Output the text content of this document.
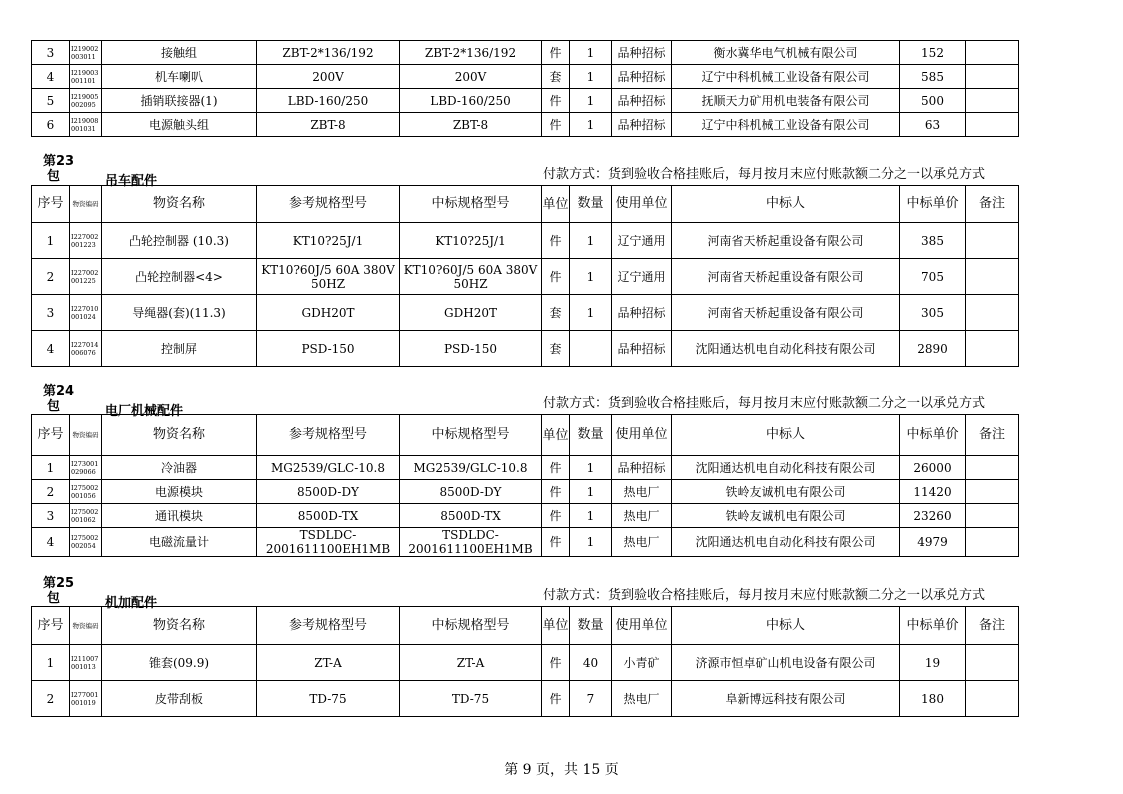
3	I219002003011	接触组	ZBT-2*136/192	ZBT-2*136/192	件	1	品种招标	衡水冀华电气机械有限公司	152	
4	I219003001101	机车喇叭	200V	200V	套	1	品种招标	辽宁中科机械工业设备有限公司	585	
5	I219005002095	插销联接器(1)	LBD-160/250	LBD-160/250	件	1	品种招标	抚顺天力矿用机电装备有限公司	500	
6	I219008001031	电源触头组	ZBT-8	ZBT-8	件	1	品种招标	辽宁中科机械工业设备有限公司	63	
第23
包	吊车配件	付款方式：货到验收合格挂账后，每月按月末应付账款额二分之一以承兑方式
序号	物资编码	物资名称	参考规格型号	中标规格型号	单位	数量	使用单位	中标人	中标单价	备注
1	I227002001223	凸轮控制器 (10.3)	KT10?25J/1	KT10?25J/1	件	1	辽宁通用	河南省天桥起重设备有限公司	385	
2	I227002001225	凸轮控制器<4>	KT10?60J/5 60A 380V 50HZ	KT10?60J/5 60A 380V 50HZ	件	1	辽宁通用	河南省天桥起重设备有限公司	705	
3	I227010001024	导绳器(套)(11.3)	GDH20T	GDH20T	套	1	品种招标	河南省天桥起重设备有限公司	305	
4	I227014006076	控制屏	PSD-150	PSD-150	套		品种招标	沈阳通达机电自动化科技有限公司	2890	
第24
包	电厂机械配件
付款方式：货到验收合格挂账后，每月按月末应付账款额二分之一以承兑方式
序号	物资编码	物资名称	参考规格型号	中标规格型号	单位	数量	使用单位	中标人	中标单价	备注
1	I273001029066	冷油器	MG2539/GLC-10.8	MG2539/GLC-10.8	件	1	品种招标	沈阳通达机电自动化科技有限公司	26000	
2	I275002001056	电源模块	8500D-DY	8500D-DY	件	1	热电厂	铁岭友诚机电有限公司	11420	
3	I275002001062	通讯模块	8500D-TX	8500D-TX	件	1	热电厂	铁岭友诚机电有限公司	23260	
4	I275002002054	电磁流量计	TSDLDC-2001611100EH1MB	TSDLDC-2001611100EH1MB	件	1	热电厂	沈阳通达机电自动化科技有限公司	4979	
第25
包	机加配件
付款方式：货到验收合格挂账后，每月按月末应付账款额二分之一以承兑方式
序号	物资编码	物资名称	参考规格型号	中标规格型号	单位	数量	使用单位	中标人	中标单价	备注
1	I211007001013	锥套(09.9)	ZT-A	ZT-A	件	40	小青矿	济源市恒卓矿山机电设备有限公司	19	
2	I277001001019	皮带刮板	TD-75	TD-75	件	7	热电厂	阜新博远科技有限公司	180	
第 9 页，共 15 页
